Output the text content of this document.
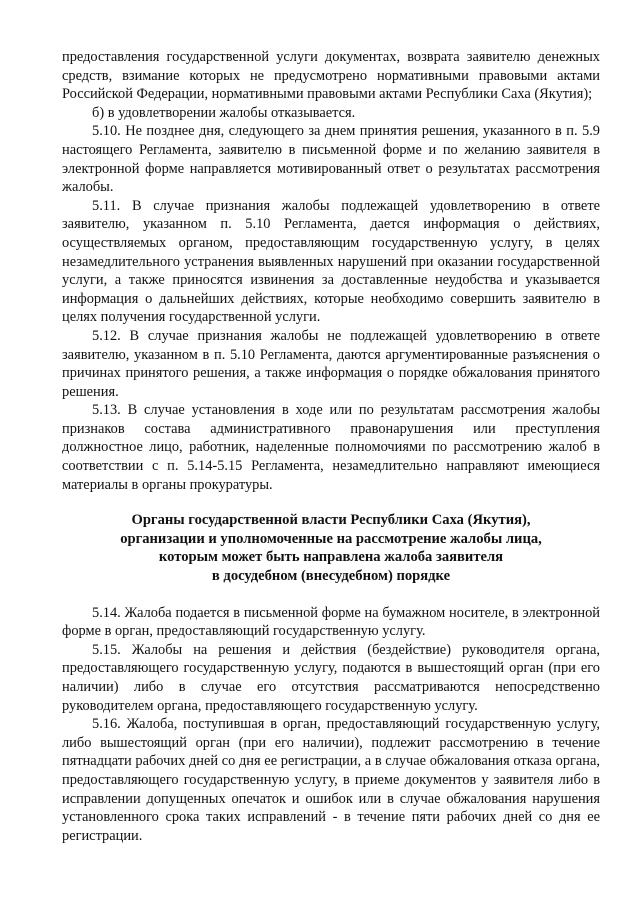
предоставления государственной услуги документах, возврата заявителю денежных средств, взимание которых не предусмотрено нормативными правовыми актами Российской Федерации, нормативными правовыми актами Республики Саха (Якутия);

б) в удовлетворении жалобы отказывается.

5.10. Не позднее дня, следующего за днем принятия решения, указанного в п. 5.9 настоящего Регламента, заявителю в письменной форме и по желанию заявителя в электронной форме направляется мотивированный ответ о результатах рассмотрения жалобы.

5.11. В случае признания жалобы подлежащей удовлетворению в ответе заявителю, указанном п. 5.10 Регламента, дается информация о действиях, осуществляемых органом, предоставляющим государственную услугу, в целях незамедлительного устранения выявленных нарушений при оказании государственной услуги, а также приносятся извинения за доставленные неудобства и указывается информация о дальнейших действиях, которые необходимо совершить заявителю в целях получения государственной услуги.

5.12. В случае признания жалобы не подлежащей удовлетворению в ответе заявителю, указанном в п. 5.10 Регламента, даются аргументированные разъяснения о причинах принятого решения, а также информация о порядке обжалования принятого решения.

5.13. В случае установления в ходе или по результатам рассмотрения жалобы признаков состава административного правонарушения или преступления должностное лицо, работник, наделенные полномочиями по рассмотрению жалоб в соответствии с п. 5.14-5.15 Регламента, незамедлительно направляют имеющиеся материалы в органы прокуратуры.

Органы государственной власти Республики Саха (Якутия),
организации и уполномоченные на рассмотрение жалобы лица,
которым может быть направлена жалоба заявителя
в досудебном (внесудебном) порядке

5.14. Жалоба подается в письменной форме на бумажном носителе, в электронной форме в орган, предоставляющий государственную услугу.

5.15. Жалобы на решения и действия (бездействие) руководителя органа, предоставляющего государственную услугу, подаются в вышестоящий орган (при его наличии) либо в случае его отсутствия рассматриваются непосредственно руководителем органа, предоставляющего государственную услугу.

5.16. Жалоба, поступившая в орган, предоставляющий государственную услугу, либо вышестоящий орган (при его наличии), подлежит рассмотрению в течение пятнадцати рабочих дней со дня ее регистрации, а в случае обжалования отказа органа, предоставляющего государственную услугу, в приеме документов у заявителя либо в исправлении допущенных опечаток и ошибок или в случае обжалования нарушения установленного срока таких исправлений - в течение пяти рабочих дней со дня ее регистрации.
